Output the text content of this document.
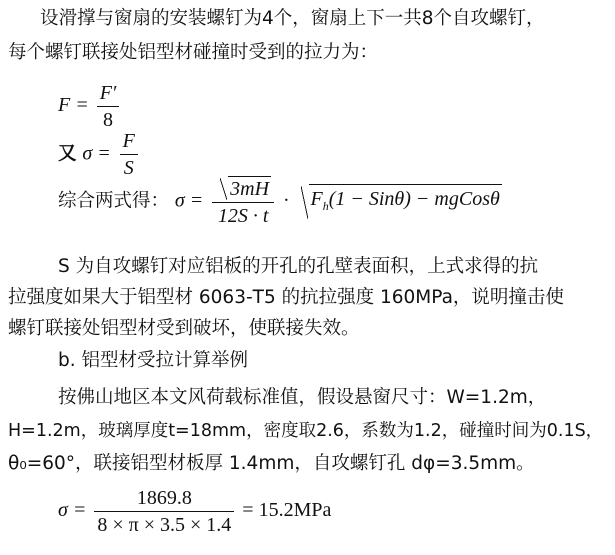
设滑撑与窗扇的安装螺钉为4个，窗扇上下一共8个自攻螺钉，
每个螺钉联接处铝型材碰撞时受到的拉力为：
$F = \frac{F'}{8}$
又 $\sigma = \frac{F}{S}$
综合两式得： $\sigma = \frac{3mH}{12S \cdot t} \cdot F_h(1 - Sin\theta)$ − mgCosθ
S 为自攻螺钉对应铝板的开孔的孔壁表面积，上式求得的抗
拉强度如果大于铝型材 6063-T5 的抗拉强度 160MPa，说明撞击使
螺钉联接处铝型材受到破坏，使联接失效。
b. 铝型材受拉计算举例
按佛山地区本文风荷载标准值，假设悬窗尺寸：W=1.2m，
H=1.2m，玻璃厚度t=18mm，密度取2.6，系数为1.2，碰撞时间为0.1S，
θ₀=60°，联接铝型材板厚 1.4mm，自攻螺钉孔 dφ=3.5mm。
$\sigma = \frac{1869.8}{8 \times \pi \times 3.5 \times 1.4} = 15.2MPa$
